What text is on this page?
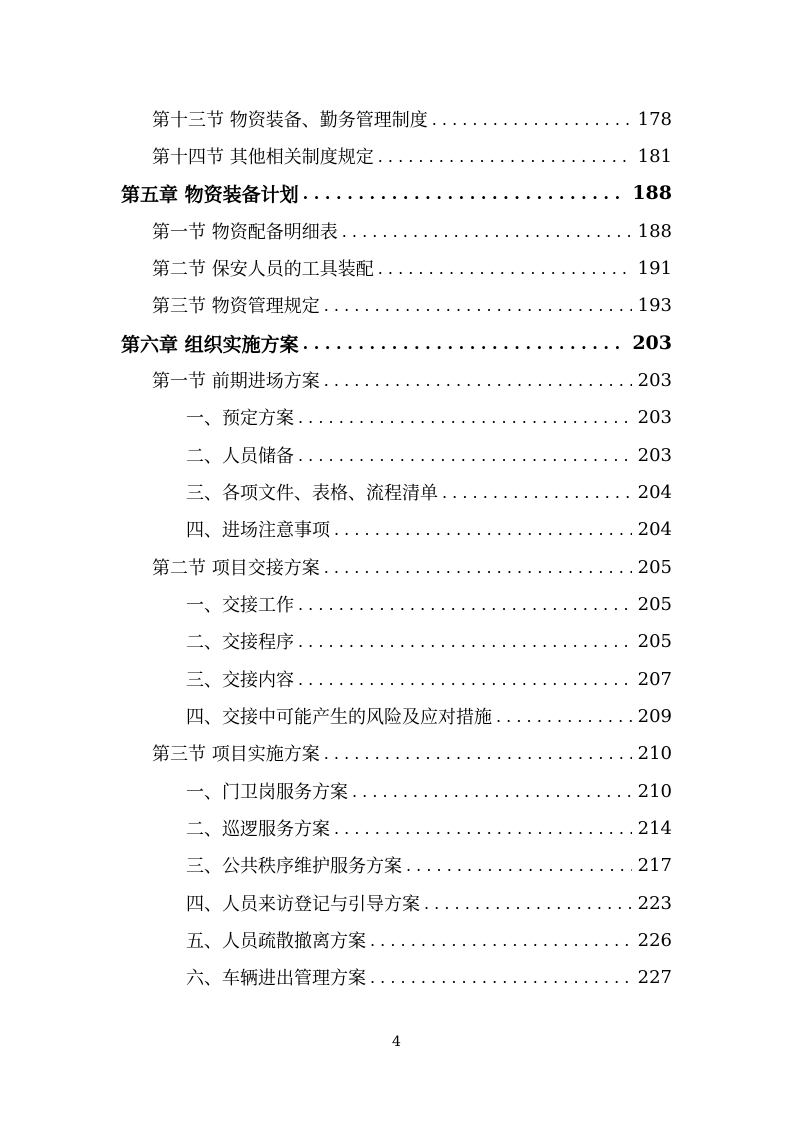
第十三节 物资装备、勤务管理制度 . . .	178
第十四节 其他相关制度规定 . . .	181
第五章 物资装备计划 . . .	188
第一节 物资配备明细表 . . .	188
第二节 保安人员的工具装配 . . .	191
第三节 物资管理规定 . . .	193
第六章 组织实施方案 . . .	203
第一节 前期进场方案 . . .	203
一、预定方案 . . .	203
二、人员储备 . . .	203
三、各项文件、表格、流程清单 . . .	204
四、进场注意事项 . . .	204
第二节 项目交接方案 . . .	205
一、交接工作 . . .	205
二、交接程序 . . .	205
三、交接内容 . . .	207
四、交接中可能产生的风险及应对措施 . . .	209
第三节 项目实施方案 . . .	210
一、门卫岗服务方案 . . .	210
二、巡逻服务方案 . . .	214
三、公共秩序维护服务方案 . . .	217
四、人员来访登记与引导方案 . . .	223
五、人员疏散撤离方案 . . .	226
六、车辆进出管理方案 . . .	227
4
